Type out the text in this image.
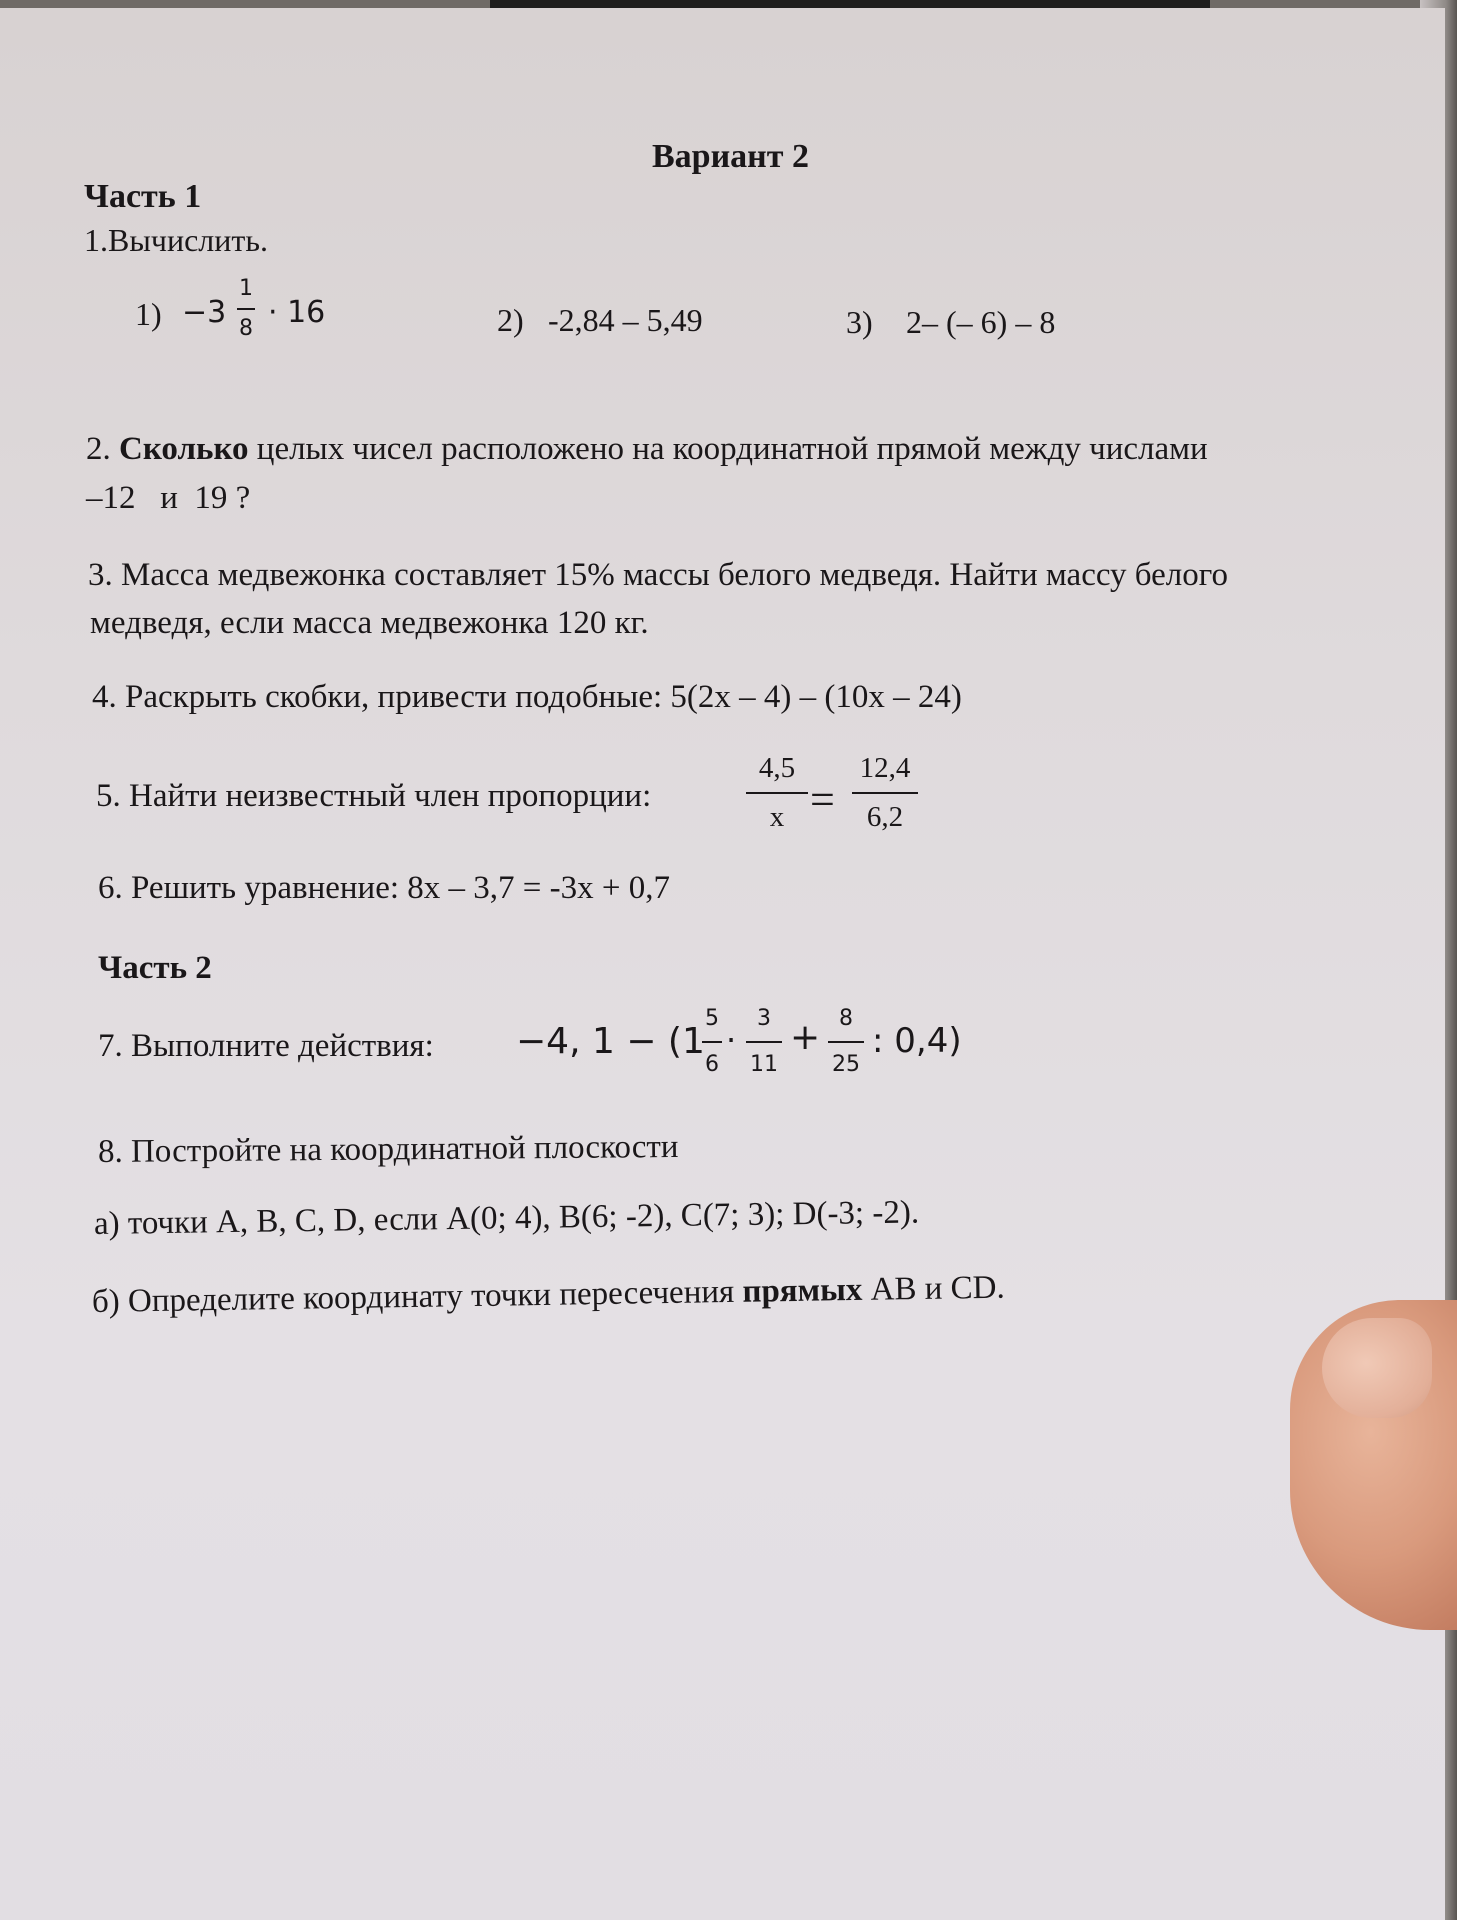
Вариант 2
Часть 1
1.Вычислить.
1) −3
1
8 · 16	2) -2,84 – 5,49	3) 2– (– 6) – 8
2. Сколько целых чисел расположено на координатной прямой между числами
–12   и  19 ?
3. Масса медвежонка составляет 15% массы белого медведя. Найти массу белого
медведя, если масса медвежонка 120 кг.
4. Раскрыть скобки, привести подобные: 5(2x – 4) – (10x – 24)
5. Найти неизвестный член пропорции:
4,5
x =
12,4
6,2
6. Решить уравнение: 8x – 3,7 = -3x + 0,7
Часть 2
7. Выполните действия: −4, 1 − (1
5
6
·
3
11
+ 8
25
: 0,4)
8. Постройте на координатной плоскости
а) точки A, B, C, D, если A(0; 4), B(6; -2), C(7; 3); D(-3; -2).
б) Определите координату точки пересечения прямых AB и CD.
